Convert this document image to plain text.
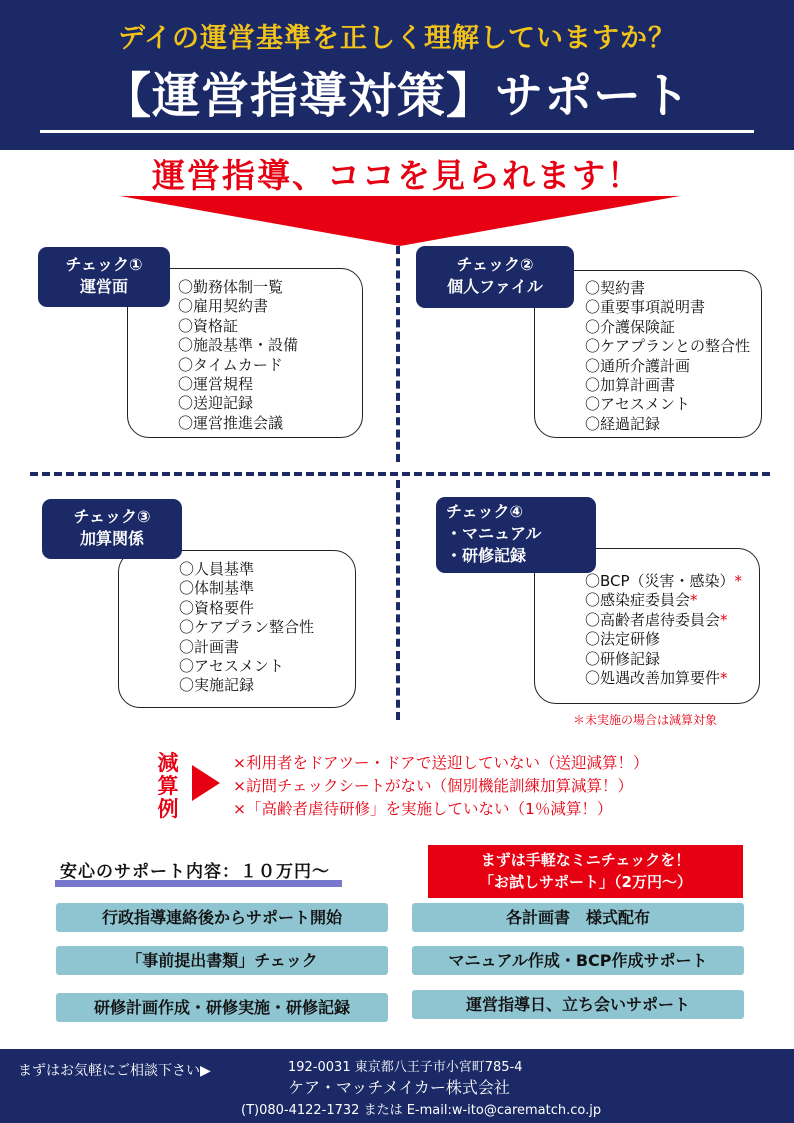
デイの運営基準を正しく理解していますか？
【運営指導対策】サポート
運営指導、ココを見られます！
〇勤務体制一覧
〇雇用契約書
〇資格証
〇施設基準・設備
〇タイムカード
〇運営規程
〇送迎記録
〇運営推進会議
チェック①
運営面	〇契約書
〇重要事項説明書
〇介護保険証
〇ケアプランとの整合性
〇通所介護計画
〇加算計画書
〇アセスメント
〇経過記録
チェック②
個人ファイル
〇人員基準
〇体制基準
〇資格要件
〇ケアプラン整合性
〇計画書
〇アセスメント
〇実施記録
チェック③
加算関係
〇BCP（災害・感染）*
〇感染症委員会*
〇高齢者虐待委員会*
〇法定研修
〇研修記録
〇処遇改善加算要件*
チェック④
・マニュアル
・研修記録
＊未実施の場合は減算対象
減
算
例
×利用者をドアツー・ドアで送迎していない（送迎減算！）
×訪問チェックシートがない（個別機能訓練加算減算！）
×「高齢者虐待研修」を実施していない（1％減算！）
安心のサポート内容：１０万円～
まずは手軽なミニチェックを！
「お試しサポート」（2万円～）
行政指導連絡後からサポート開始
「事前提出書類」チェック
研修計画作成・研修実施・研修記録
各計画書　様式配布
マニュアル作成・BCP作成サポート
運営指導日、立ち会いサポート
まずはお気軽にご相談下さい▶	192-0031 東京都八王子市小宮町785-4
ケア・マッチメイカー株式会社
(T)080-4122-1732 または E-mail:w-ito@carematch.co.jp
